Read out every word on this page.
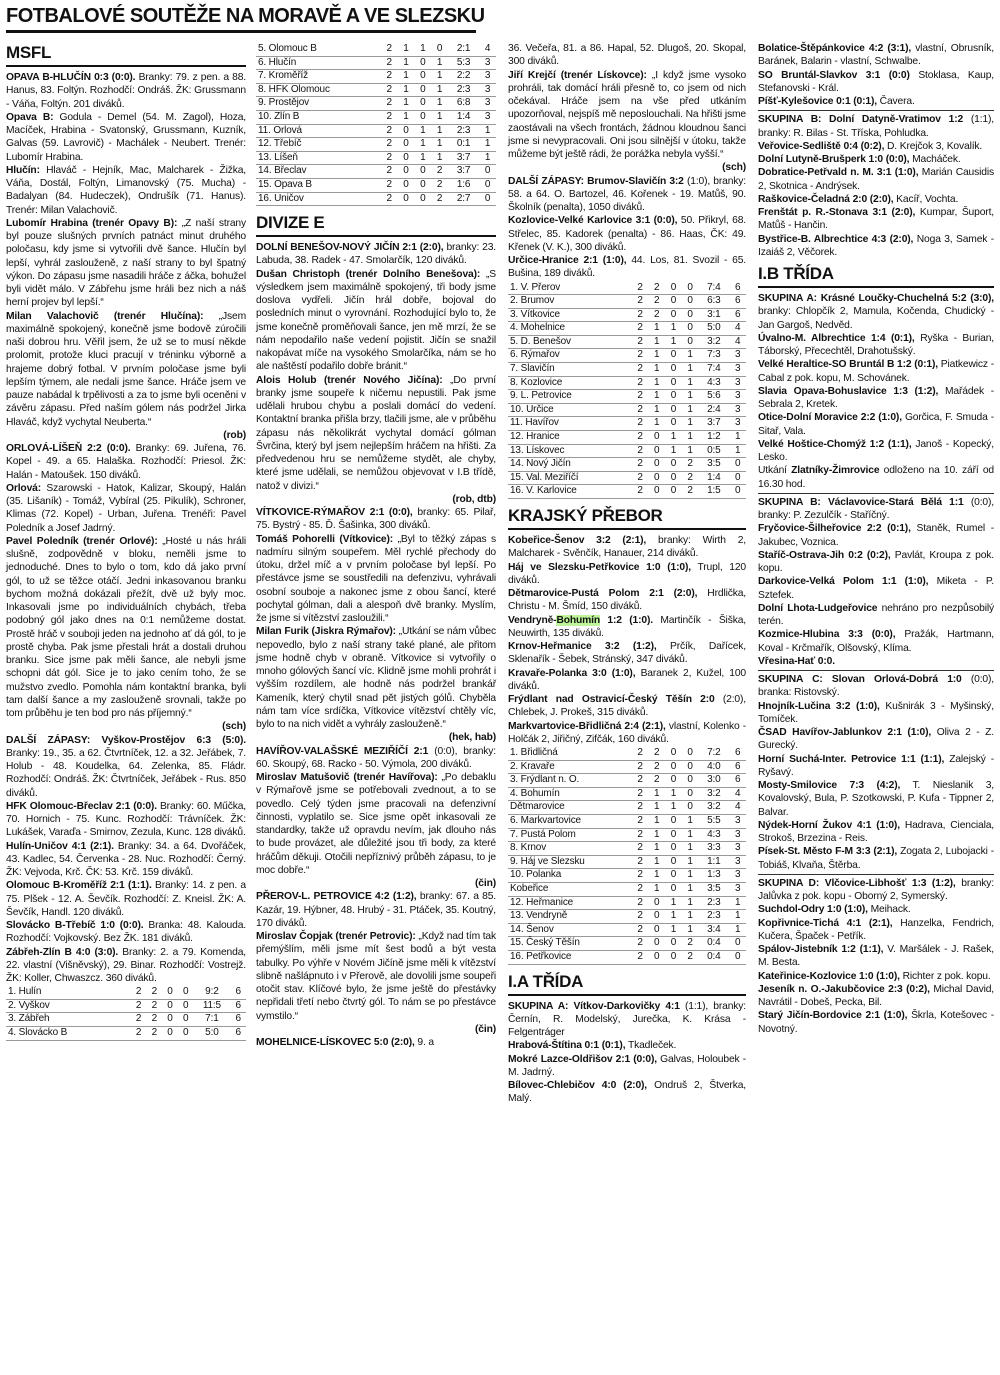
FOTBALOVÉ SOUTĚŽE NA MORAVĚ A VE SLEZSKU
MSFL

OPAVA B-HLUČÍN 0:3 (0:0). Branky: 79. z pen. a 88. Hanus, 83. Foltýn. Rozhodčí: Ondráš. ŽK: Grussmann - Váňa, Foltýn. 201 diváků.

Opava B: Godula - Demel (54. M. Zagol), Hoza, Macíček, Hrabina - Svatonský, Grussmann, Kuzník, Galvas (59. Lavrovič) - Machálek - Neubert. Trenér: Lubomír Hrabina.

Hlučín: Hlaváč - Hejník, Mac, Malcharek - Žižka, Váňa, Dostál, Foltýn, Limanovský (75. Mucha) - Badalyan (84. Hudeczek), Ondrušík (71. Hanus). Trenér: Milan Valachovič.

Lubomír Hrabina (trenér Opavy B): „Z naší strany byl pouze slušných prvních patnáct minut druhého poločasu, kdy jsme si vytvořili dvě šance. Hlučín byl lepší, vyhrál zaslouženě, z naší strany to byl špatný výkon. Do zápasu jsme nasadili hráče z áčka, bohužel byli vidět málo. V Zábřehu jsme hráli bez nich a náš herní projev byl lepší.“

Milan Valachovič (trenér Hlučína): „Jsem maximálně spokojený, konečně jsme bodově zúročili naši dobrou hru. Věřil jsem, že už se to musí někde prolomit, protože kluci pracují v tréninku výborně a hrajeme dobrý fotbal. V prvním poločase jsme byli lepším týmem, ale nedali jsme šance. Hráče jsem ve pauze nabádal k trpělivosti a za to jsme byli oceněni v závěru zápasu. Před naším gólem nás podržel Jirka Hlaváč, když vychytal Neuberta.“

(rob)

ORLOVÁ-LÍŠEŇ 2:2 (0:0). Branky: 69. Juřena, 76. Kopel - 49. a 65. Halaška. Rozhodčí: Priesol. ŽK: Halán - Matoušek. 150 diváků.

Orlová: Szarowski - Hatok, Kalizar, Skoupý, Halán (35. Lišaník) - Tomáž, Vybíral (25. Pikulík), Schroner, Klimas (72. Kopel) - Urban, Juřena. Trenéři: Pavel Poledník a Josef Jadrný.

Pavel Poledník (trenér Orlové): „Hosté u nás hráli slušně, zodpovědně v bloku, neměli jsme to jednoduché. Dnes to bylo o tom, kdo dá jako první gól, to už se těžce otáčí. Jedni inkasovanou branku bychom možná dokázali přežít, dvě už byly moc. Inkasovali jsme po individuálních chybách, třeba podobný gól jako dnes na 0:1 nemůžeme dostat. Prostě hráč v souboji jeden na jednoho ať dá gól, to je prostě chyba. Pak jsme přestali hrát a dostali druhou branku. Sice jsme pak měli šance, ale nebyli jsme schopni dát gól. Sice je to jako cením toho, že se mužstvo zvedlo. Pomohla nám kontaktní branka, byli tam další šance a my zaslouženě srovnali, takže po tom průběhu je ten bod pro nás příjemný.“

(sch)

DALŠÍ ZÁPASY: Vyškov-Prostějov 6:3 (5:0). Branky: 19., 35. a 62. Čtvrtníček, 12. a 32. Jeřábek, 7. Holub - 48. Koudelka, 64. Zelenka, 85. Fládr. Rozhodčí: Ondráš. ŽK: Čtvrtníček, Jeřábek - Rus. 850 diváků.

HFK Olomouc-Břeclav 2:1 (0:0). Branky: 60. Műčka, 70. Hornich - 75. Kunc. Rozhodčí: Trávníček. ŽK: Lukášek, Varaďa - Smirnov, Zezula, Kunc. 128 diváků.

Hulín-Uničov 4:1 (2:1). Branky: 34. a 64. Dvořáček, 43. Kadlec, 54. Červenka - 28. Nuc. Rozhodčí: Černý. ŽK: Vejvoda, Krč. ČK: 53. Krč. 159 diváků.

Olomouc B-Kroměříž 2:1 (1:1). Branky: 14. z pen. a 75. Plšek - 12. A. Ševčík. Rozhodčí: Z. Kneisl. ŽK: A. Ševčík, Handl. 120 diváků.

Slovácko B-Třebíč 1:0 (0:0). Branka: 48. Kalouda. Rozhodčí: Vojkovský. Bez ŽK. 181 diváků.

Zábřeh-Zlín B 4:0 (3:0). Branky: 2. a 79. Komenda, 22. vlastní (Višněvský), 29. Binar. Rozhodčí: Vostrejž. ŽK: Koller, Chwaszcz. 360 diváků.

1. Hulín	2	2	0	0	9:2	6
2. Vyškov	2	2	0	0	11:5	6
3. Zábřeh	2	2	0	0	7:1	6
4. Slovácko B	2	2	0	0	5:0	6
5. Olomouc B	2	1	1	0	2:1	4
6. Hlučín	2	1	0	1	5:3	3
7. Kroměříž	2	1	0	1	2:2	3
8. HFK Olomouc	2	1	0	1	2:3	3
9. Prostějov	2	1	0	1	6:8	3
10. Zlín B	2	1	0	1	1:4	3
11. Orlová	2	0	1	1	2:3	1
12. Třebíč	2	0	1	1	0:1	1
13. Líšeň	2	0	1	1	3:7	1
14. Břeclav	2	0	0	2	3:7	0
15. Opava B	2	0	0	2	1:6	0
16. Uničov	2	0	0	2	2:7	0
DIVIZE E

DOLNÍ BENEŠOV-NOVÝ JIČÍN 2:1 (2:0), branky: 23. Labuda, 38. Radek - 47. Smolarčík, 120 diváků.

Dušan Christoph (trenér Dolního Benešova): „S výsledkem jsem maximálně spokojený, tři body jsme doslova vydřeli. Jičín hrál dobře, bojoval do posledních minut o vyrovnání. Rozhodující bylo to, že jsme konečně proměňovali šance, jen mě mrzí, že se nám nepodařilo naše vedení pojistit. Jičín se snažil nakopávat míče na vysokého Smolarčíka, nám se ho ale naštěstí podařilo dobře bránit.“

Alois Holub (trenér Nového Jičína): „Do první branky jsme soupeře k ničemu nepustili. Pak jsme udělali hrubou chybu a poslali domácí do vedení. Kontaktní branka přišla brzy, tlačili jsme, ale v průběhu zápasu nás několikrát vychytal domácí gólman Švrčina, který byl jsem nejlepším hráčem na hřišti. Za předvedenou hru se nemůžeme stydět, ale chyby, které jsme udělali, se nemůžou objevovat v I.B třídě, natož v divizi.“

(rob, dtb)

VÍTKOVICE-RÝMAŘOV 2:1 (0:0), branky: 65. Pilař, 75. Bystrý - 85. Ď. Šašinka, 300 diváků.

Tomáš Pohorelli (Vítkovice): „Byl to těžký zápas s nadmíru silným soupeřem. Měl rychlé přechody do útoku, držel míč a v prvním poločase byl lepší. Po přestávce jsme se soustředili na defenzivu, vyhrávali osobní souboje a nakonec jsme z obou šancí, které pochytal gólman, dali a alespoň dvě branky. Myslím, že jsme si vítězství zasloužili.“

Milan Furik (Jiskra Rýmařov): „Utkání se nám vůbec nepovedlo, bylo z naší strany také plané, ale přitom jsme hodně chyb v obraně. Vítkovice si vytvořily o mnoho gólových šancí víc. Klidně jsme mohli prohrát i vyšším rozdílem, ale hodně nás podržel brankář Kameník, který chytil snad pět jistých gólů. Chyběla nám tam více srdíčka, Vítkovice vítězství chtěly víc, bylo to na nich vidět a vyhrály zaslouženě.“

(hek, hab)

HAVÍŘOV-VALAŠSKÉ MEZIŘÍČÍ 2:1 (0:0), branky: 60. Skoupý, 68. Racko - 50. Výmola, 200 diváků.

Miroslav Matušovič (trenér Havířova): „Po debaklu v Rýmařově jsme se potřebovali zvednout, a to se povedlo. Celý týden jsme pracovali na defenzivní činnosti, vyplatilo se. Sice jsme opět inkasovali ze standardky, takže už opravdu nevím, jak dlouho nás to bude provázet, ale důležité jsou tři body, za které hráčům děkuji. Otočili nepříznivý průběh zápasu, to je moc dobře.“

(čin)

PŘEROV-L. PETROVICE 4:2 (1:2), branky: 67. a 85. Kazár, 19. Hýbner, 48. Hrubý - 31. Ptáček, 35. Koutný, 170 diváků.

Miroslav Čopjak (trenér Petrovic): „Když nad tím tak přemýšlím, měli jsme mít šest bodů a být vesta tabulky. Po výhře v Novém Jičíně jsme měli k vítězství slibně našlápnuto i v Přerově, ale dovolili jsme soupeři otočit stav. Klíčové bylo, že jsme ještě do přestávky nepřidali třetí nebo čtvrtý gól. To nám se po přestávce vymstilo.“

(čin)

MOHELNICE-LÍSKOVEC 5:0 (2:0), 9. a

36. Večeřa, 81. a 86. Hapal, 52. Dlugoš, 20. Skopal, 300 diváků.

Jiří Krejčí (trenér Lískovce): „I když jsme vysoko prohráli, tak domácí hráli přesně to, co jsem od nich očekával. Hráče jsem na vše před utkáním upozorňoval, nejspíš mě neposlouchali. Na hřišti jsme zaostávali na všech frontách, žádnou kloudnou šanci jsme si nevypracovali. Oni jsou silnější v útoku, takže můžeme být ještě rádi, že porážka nebyla vyšší.“

(sch)

DALŠÍ ZÁPASY: Brumov-Slavičín 3:2 (1:0), branky: 58. a 64. O. Bartozel, 46. Kořenek - 19. Matůš, 90. Školník (penalta), 1050 diváků.

Kozlovice-Velké Karlovice 3:1 (0:0), 50. Přikryl, 68. Střelec, 85. Kadorek (penalta) - 86. Haas, ČK: 49. Křenek (V. K.), 300 diváků.

Určice-Hranice 2:1 (1:0), 44. Los, 81. Svozil - 65. Bušina, 189 diváků.

1. V. Přerov	2	2	0	0	7:4	6
2. Brumov	2	2	0	0	6:3	6
3. Vítkovice	2	2	0	0	3:1	6
4. Mohelnice	2	1	1	0	5:0	4
5. D. Benešov	2	1	1	0	3:2	4
6. Rýmařov	2	1	0	1	7:3	3
7. Slavičín	2	1	0	1	7:4	3
8. Kozlovice	2	1	0	1	4:3	3
9. L. Petrovice	2	1	0	1	5:6	3
10. Určice	2	1	0	1	2:4	3
11. Havířov	2	1	0	1	3:7	3
12. Hranice	2	0	1	1	1:2	1
13. Lískovec	2	0	1	1	0:5	1
14. Nový Jičín	2	0	0	2	3:5	0
15. Val. Meziříčí	2	0	0	2	1:4	0
16. V. Karlovice	2	0	0	2	1:5	0
KRAJSKÝ PŘEBOR

Kobeřice-Šenov 3:2 (2:1), branky: Wirth 2, Malcharek - Svěnčík, Hanauer, 214 diváků.

Háj ve Slezsku-Petřkovice 1:0 (1:0), Trupl, 120 diváků.

Dětmarovice-Pustá Polom 2:1 (2:0), Hrdlička, Christu - M. Šmíd, 150 diváků.

Vendryně-Bohumín 1:2 (1:0). Martinčík - Šiška, Neuwirth, 135 diváků.

Krnov-Heřmanice 3:2 (1:2), Prčík, Dařícek, Sklenařík - Šebek, Stránský, 347 diváků.

Kravaře-Polanka 3:0 (1:0), Baranek 2, Kužel, 100 diváků.

Frýdlant nad Ostravicí-Český Těšín 2:0 (2:0), Chlebek, J. Prokeš, 315 diváků.

Markvartovice-Břidličná 2:4 (2:1), vlastní, Kolenko - Holčák 2, Jiřičný, Zifčák, 160 diváků.

1. Břidličná	2	2	0	0	7:2	6
2. Kravaře	2	2	0	0	4:0	6
3. Frýdlant n. O.	2	2	0	0	3:0	6
4. Bohumín	2	1	1	0	3:2	4
Dětmarovice	2	1	1	0	3:2	4
6. Markvartovice	2	1	0	1	5:5	3
7. Pustá Polom	2	1	0	1	4:3	3
8. Krnov	2	1	0	1	3:3	3
9. Háj ve Slezsku	2	1	0	1	1:1	3
10. Polanka	2	1	0	1	1:3	3
Kobeřice	2	1	0	1	3:5	3
12. Heřmanice	2	0	1	1	2:3	1
13. Vendryně	2	0	1	1	2:3	1
14. Šenov	2	0	1	1	3:4	1
15. Český Těšín	2	0	0	2	0:4	0
16. Petřkovice	2	0	0	2	0:4	0
I.A TŘÍDA

SKUPINA A: Vítkov-Darkovičky 4:1 (1:1), branky: Černín, R. Modelský, Jurečka, K. Krása - Felgentráger

Hrabová-Štítina 0:1 (0:1), Tkadleček.

Mokré Lazce-Oldřišov 2:1 (0:0), Galvas, Holoubek - M. Jadrný.

Bílovec-Chlebičov 4:0 (2:0), Ondruš 2, Štverka, Malý.

Bolatice-Štěpánkovice 4:2 (3:1), vlastní, Obrusník, Baránek, Balarin - vlastní, Schwalbe.

SO Bruntál-Slavkov 3:1 (0:0) Stoklasa, Kaup, Stefanovski - Král.

Píšť-Kylešovice 0:1 (0:1), Čavera.

SKUPINA B: Dolní Datyně-Vratimov 1:2 (1:1), branky: R. Bilas - St. Tříska, Pohludka.

Veřovice-Sedliště 0:4 (0:2), D. Krejčok 3, Kovalík.

Dolní Lutyně-Brušperk 1:0 (0:0), Macháček.

Dobratice-Petřvald n. M. 3:1 (1:0), Marián Causidis 2, Skotnica - Andrýsek.

Raškovice-Čeladná 2:0 (2:0), Kacíř, Vochta.

Frenštát p. R.-Stonava 3:1 (2:0), Kumpar, Šuport, Matůš - Hančin.

Bystřice-B. Albrechtice 4:3 (2:0), Noga 3, Samek - Izaiáš 2, Věčorek.

I.B TŘÍDA

SKUPINA A: Krásné Loučky-Chuchelná 5:2 (3:0), branky: Chlopčík 2, Mamula, Kočenda, Chudický - Jan Gargoš, Nedvěd.

Úvalno-M. Albrechtice 1:4 (0:1), Ryška - Burian, Táborský, Přecechtěl, Drahotušský.

Velké Heraltice-SO Bruntál B 1:2 (0:1), Piatkewicz - Cabal z pok. kopu, M. Schovánek.

Slavia Opava-Bohuslavice 1:3 (1:2), Mařádek - Sebrala 2, Kretek.

Otice-Dolní Moravice 2:2 (1:0), Gorčica, F. Smuda - Sitař, Vala.

Velké Hoštice-Chomýž 1:2 (1:1), Janoš - Kopecký, Lesko.

Utkání Zlatníky-Žimrovice odloženo na 10. září od 16.30 hod.

SKUPINA B: Václavovice-Stará Bělá 1:1 (0:0), branky: P. Zezulčík - Staříčný.

Fryčovice-Šilheřovice 2:2 (0:1), Staněk, Rumel - Jakubec, Voznica.

Staříč-Ostrava-Jih 0:2 (0:2), Pavlát, Kroupa z pok. kopu.

Darkovice-Velká Polom 1:1 (1:0), Miketa - P. Sztefek.

Dolní Lhota-Ludgeřovice nehráno pro nezpůsobilý terén.

Kozmice-Hlubina 3:3 (0:0), Pražák, Hartmann, Koval - Krčmařík, Olšovský, Klíma.

Vřesina-Hať 0:0.

SKUPINA C: Slovan Orlová-Dobrá 1:0 (0:0), branka: Ristovský.

Hnojník-Lučina 3:2 (1:0), Kušnirák 3 - Myšinský, Tomíček.

ČSAD Havířov-Jablunkov 2:1 (1:0), Oliva 2 - Z. Gurecký.

Horní Suchá-Inter. Petrovice 1:1 (1:1), Zalejský - Ryšavý.

Mosty-Smilovice 7:3 (4:2), T. Nieslanik 3, Kovalovský, Bula, P. Szotkowski, P. Kufa - Tippner 2, Balvar.

Nýdek-Horní Žukov 4:1 (1:0), Hadrava, Cienciala, Strokoš, Brzezina - Reis.

Písek-St. Město F-M 3:3 (2:1), Zogata 2, Lubojacki - Tobiáš, Klvaňa, Štěrba.

SKUPINA D: Vlčovice-Libhošť 1:3 (1:2), branky: Jalůvka z pok. kopu - Oborný 2, Symerský.

Suchdol-Odry 1:0 (1:0), Meihack.

Kopřivnice-Tichá 4:1 (2:1), Hanzelka, Fendrich, Kučera, Špaček - Petřík.

Spálov-Jistebník 1:2 (1:1), V. Maršálek - J. Rašek, M. Besta.

Kateřinice-Kozlovice 1:0 (1:0), Richter z pok. kopu.

Jeseník n. O.-Jakubčovice 2:3 (0:2), Michal David, Navrátil - Dobeš, Pecka, Bil.

Starý Jičín-Bordovice 2:1 (1:0), Škrla, Kotešovec - Novotný.
